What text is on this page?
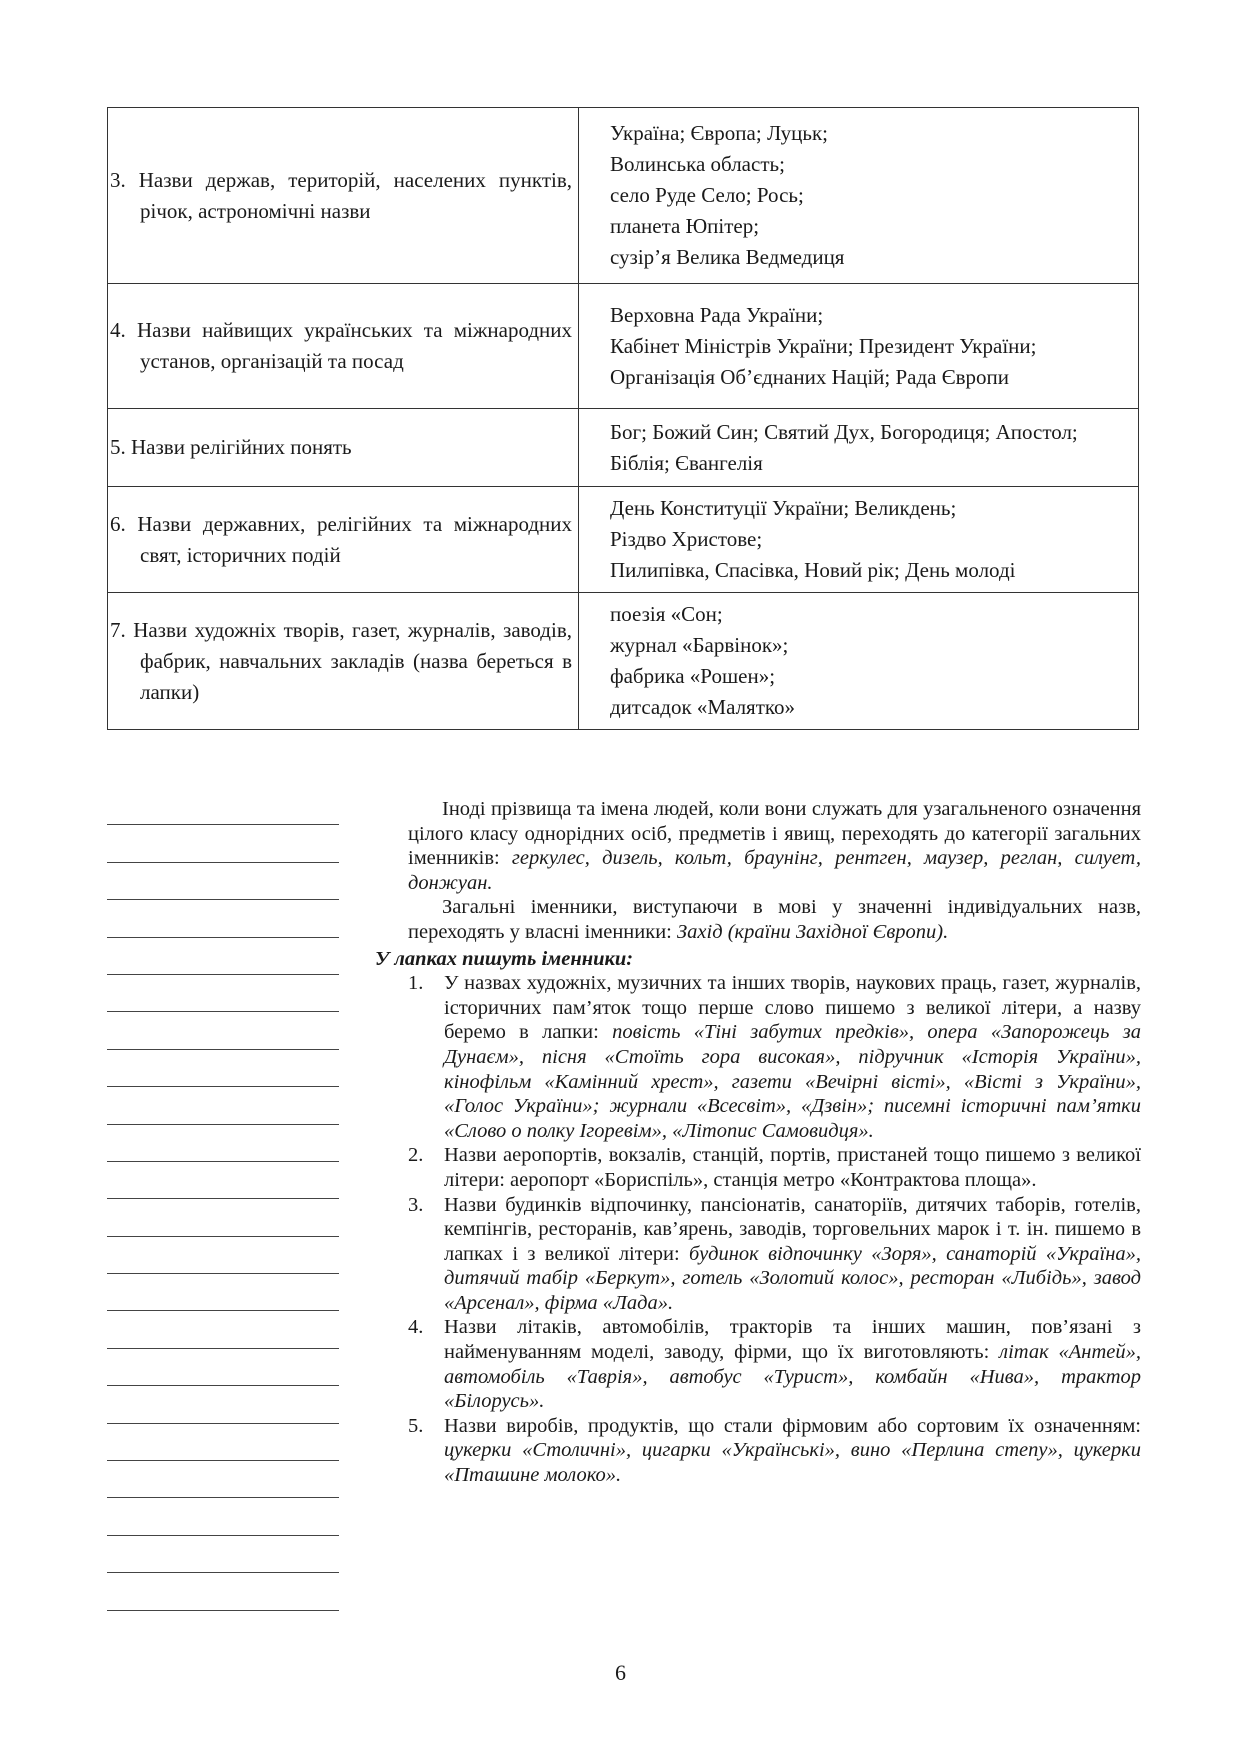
3. Назви держав, територій, населених пунктів, річок, астрономічні назви	Україна; Європа; Луцьк;
Волинська область;
село Руде Село; Рось;
планета Юпітер;
сузір’я Велика Ведмедиця

4. Назви найвищих українських та міжнародних установ, організацій та посад	Верховна Рада України;
Кабінет Міністрів України; Президент України;
Організація Об’єднаних Націй; Рада Європи

5. Назви релігійних понять	Бог; Божий Син; Святий Дух, Богородиця; Апостол;
Біблія; Євангелія

6. Назви державних, релігійних та міжнародних свят, історичних подій	День Конституції України; Великдень;
Різдво Христове;
Пилипівка, Спасівка, Новий рік; День молоді

7. Назви художніх творів, газет, журналів, заводів, фабрик, навчальних закладів (назва береться в лапки)	поезія «Сон;
журнал «Барвінок»;
фабрика «Рошен»;
дитсадок «Малятко»
Іноді прізвища та імена людей, коли вони служать для узагальненого означення цілого класу однорідних осіб, предметів і явищ, переходять до категорії загальних іменників: геркулес, дизель, кольт, браунінг, рентген, маузер, реглан, силует, донжуан.
Загальні іменники, виступаючи в мові у значенні індивідуальних назв, переходять у власні іменники: Захід (країни Західної Європи).
У лапках пишуть іменники:
1. У назвах художніх, музичних та інших творів, наукових праць, газет, журналів, історичних пам’яток тощо перше слово пишемо з великої літери, а назву беремо в лапки: повість «Тіні забутих предків», опера «Запорожець за Дунаєм», пісня «Стоїть гора високая», підручник «Історія України», кінофільм «Камінний хрест», газети «Вечірні вісті», «Вісті з України», «Голос України»; журнали «Всесвіт», «Дзвін»; писемні історичні пам’ятки «Слово о полку Ігоревім», «Літопис Самовидця».
2. Назви аеропортів, вокзалів, станцій, портів, пристаней тощо пишемо з великої літери: аеропорт «Бориспіль», станція метро «Контрактова площа».
3. Назви будинків відпочинку, пансіонатів, санаторіїв, дитячих таборів, готелів, кемпінгів, ресторанів, кав’ярень, заводів, торговельних марок і т. ін. пишемо в лапках і з великої літери: будинок відпочинку «Зоря», санаторій «Україна», дитячий табір «Беркут», готель «Золотий колос», ресторан «Либідь», завод «Арсенал», фірма «Лада».
4. Назви літаків, автомобілів, тракторів та інших машин, пов’язані з найменуванням моделі, заводу, фірми, що їх виготовляють: літак «Антей», автомобіль «Таврія», автобус «Турист», комбайн «Нива», трактор «Білорусь».
5. Назви виробів, продуктів, що стали фірмовим або сортовим їх означенням: цукерки «Столичні», цигарки «Українські», вино «Перлина степу», цукерки «Пташине молоко».
6
